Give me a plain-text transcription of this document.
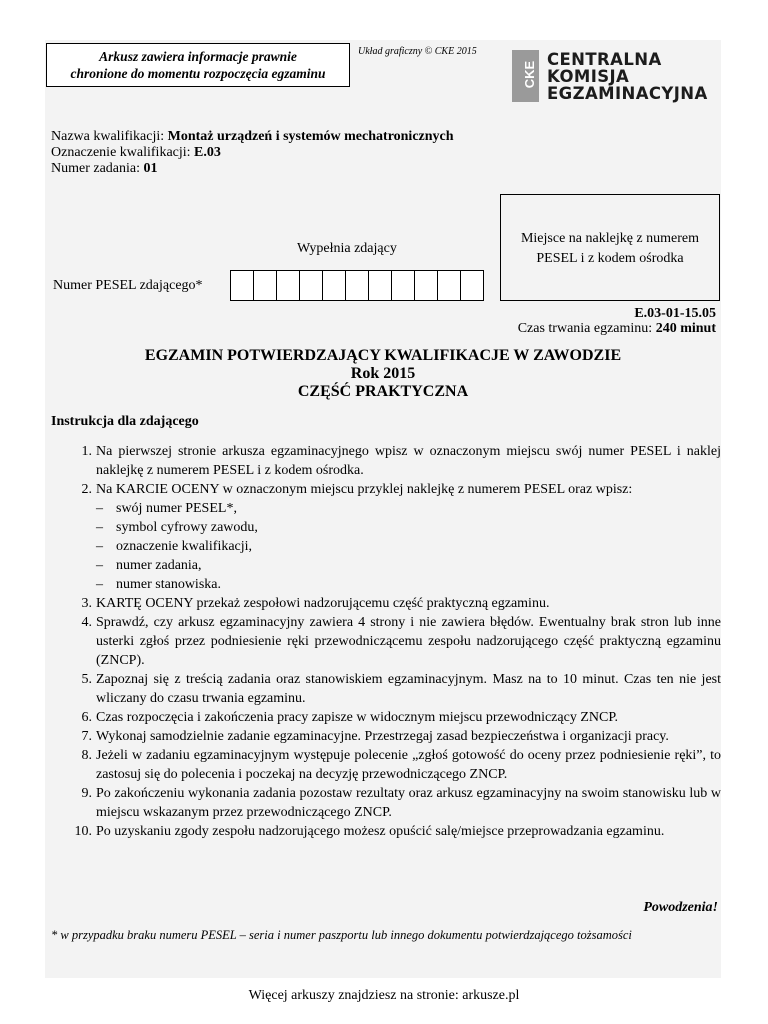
Arkusz zawiera informacje prawnie
chronione do momentu rozpoczęcia egzaminu
Układ graficzny © CKE 2015
CKE
CENTRALNA
KOMISJA
EGZAMINACYJNA
Nazwa kwalifikacji: Montaż urządzeń i systemów mechatronicznych
Oznaczenie kwalifikacji: E.03
Numer zadania: 01
Wypełnia zdający
Miejsce na naklejkę z numerem
PESEL i z kodem ośrodka
Numer PESEL zdającego*
E.03-01-15.05
Czas trwania egzaminu: 240 minut
EGZAMIN POTWIERDZAJĄCY KWALIFIKACJE W ZAWODZIE
Rok 2015
CZĘŚĆ PRAKTYCZNA
Instrukcja dla zdającego
1. Na pierwszej stronie arkusza egzaminacyjnego wpisz w oznaczonym miejscu swój numer PESEL i naklej naklejkę z numerem PESEL i z kodem ośrodka.
2. Na KARCIE OCENY w oznaczonym miejscu przyklej naklejkę z numerem PESEL oraz wpisz:
– swój numer PESEL*,
– symbol cyfrowy zawodu,
– oznaczenie kwalifikacji,
– numer zadania,
– numer stanowiska.
3. KARTĘ OCENY przekaż zespołowi nadzorującemu część praktyczną egzaminu.
4. Sprawdź, czy arkusz egzaminacyjny zawiera 4 strony i nie zawiera błędów. Ewentualny brak stron lub inne usterki zgłoś przez podniesienie ręki przewodniczącemu zespołu nadzorującego część praktyczną egzaminu (ZNCP).
5. Zapoznaj się z treścią zadania oraz stanowiskiem egzaminacyjnym. Masz na to 10 minut. Czas ten nie jest wliczany do czasu trwania egzaminu.
6. Czas rozpoczęcia i zakończenia pracy zapisze w widocznym miejscu przewodniczący ZNCP.
7. Wykonaj samodzielnie zadanie egzaminacyjne. Przestrzegaj zasad bezpieczeństwa i organizacji pracy.
8. Jeżeli w zadaniu egzaminacyjnym występuje polecenie „zgłoś gotowość do oceny przez podniesienie ręki”, to zastosuj się do polecenia i poczekaj na decyzję przewodniczącego ZNCP.
9. Po zakończeniu wykonania zadania pozostaw rezultaty oraz arkusz egzaminacyjny na swoim stanowisku lub w miejscu wskazanym przez przewodniczącego ZNCP.
10. Po uzyskaniu zgody zespołu nadzorującego możesz opuścić salę/miejsce przeprowadzania egzaminu.
Powodzenia!
* w przypadku braku numeru PESEL – seria i numer paszportu lub innego dokumentu potwierdzającego tożsamości
Więcej arkuszy znajdziesz na stronie: arkusze.pl
